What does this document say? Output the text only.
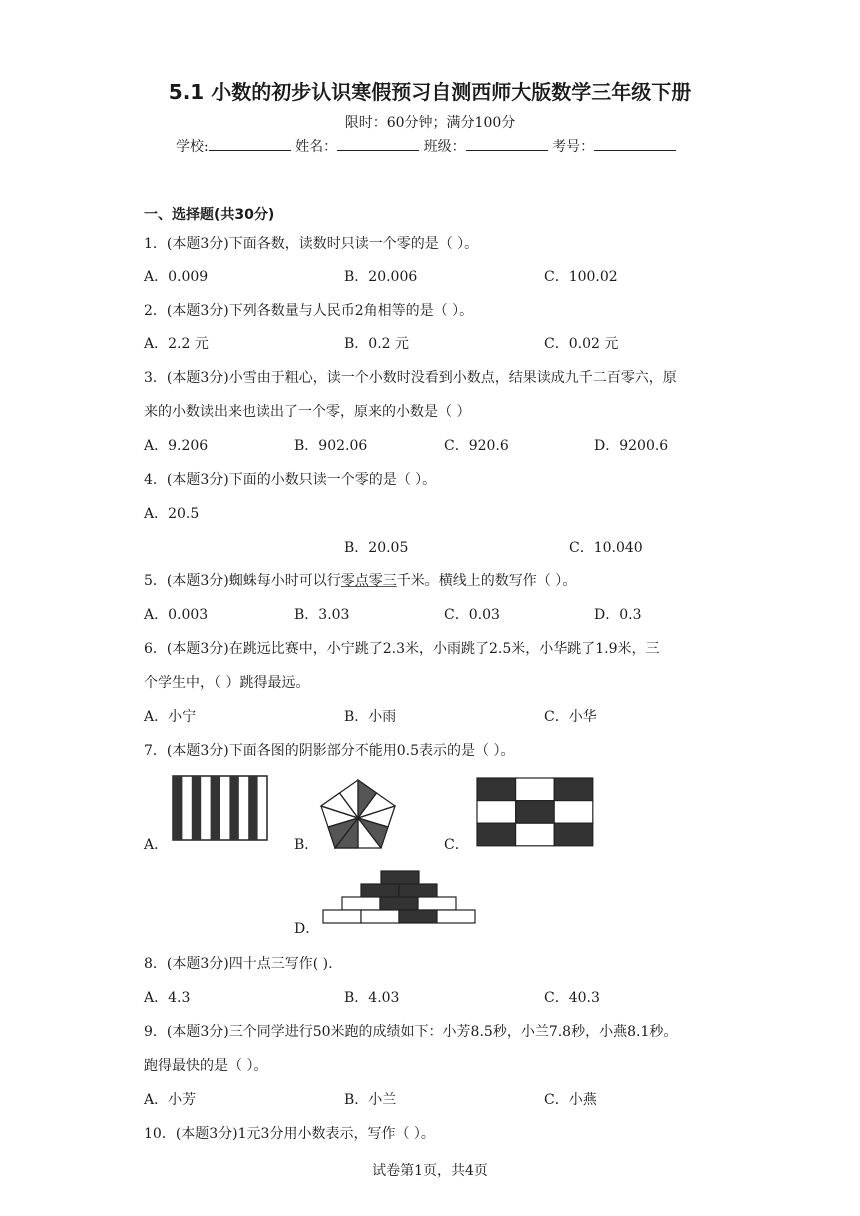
5.1 小数的初步认识寒假预习自测西师大版数学三年级下册
限时：60分钟；满分100分
学校:	姓名：	班级：	考号：
一、选择题(共30分)
1．(本题3分)下面各数，读数时只读一个零的是（ ）。
A．0.009	B．20.006	C．100.02
2．(本题3分)下列各数量与人民币2角相等的是（ ）。
A．2.2 元	B．0.2 元	C．0.02 元
3．(本题3分)小雪由于粗心，读一个小数时没看到小数点，结果读成九千二百零六，原
来的小数读出来也读出了一个零，原来的小数是（ ）
A．9.206	B．902.06	C．920.6	D．9200.6
4．(本题3分)下面的小数只读一个零的是（ ）。
A．20.5
B．20.05	C．10.040
5．(本题3分)蜘蛛每小时可以行零点零三千米。横线上的数写作（ ）。
A．0.003	B．3.03	C．0.03	D．0.3
6．(本题3分)在跳远比赛中，小宁跳了2.3米，小雨跳了2.5米，小华跳了1.9米，三
个学生中，（ ）跳得最远。
A．小宁	B．小雨	C．小华
7．(本题3分)下面各图的阴影部分不能用0.5表示的是（ ）。
A．	B．	C．
D．
8．(本题3分)四十点三写作( ).
A．4.3	B．4.03	C．40.3
9．(本题3分)三个同学进行50米跑的成绩如下：小芳8.5秒，小兰7.8秒，小燕8.1秒。
跑得最快的是（ ）。
A．小芳	B．小兰	C．小燕
10．(本题3分)1元3分用小数表示，写作（ ）。
试卷第1页，共4页
